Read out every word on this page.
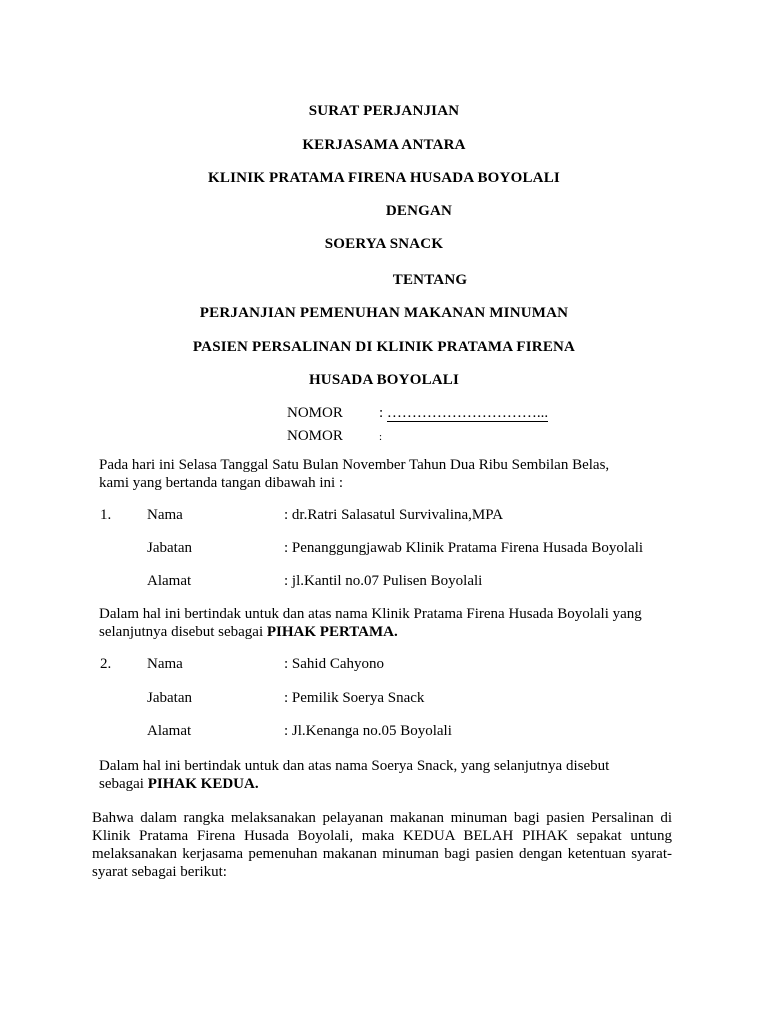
SURAT PERJANJIAN
KERJASAMA ANTARA
KLINIK PRATAMA FIRENA HUSADA BOYOLALI
DENGAN
SOERYA SNACK
TENTANG
PERJANJIAN PEMENUHAN MAKANAN MINUMAN
PASIEN PERSALINAN DI KLINIK PRATAMA FIRENA
HUSADA BOYOLALI
NOMOR : …………………………...
NOMOR	:
Pada hari ini Selasa Tanggal Satu Bulan November Tahun Dua Ribu Sembilan Belas,
kami yang bertanda tangan dibawah ini :
1. Nama	: dr.Ratri Salasatul Survivalina,MPA
Jabatan	: Penanggungjawab Klinik Pratama Firena Husada Boyolali
Alamat	: jl.Kantil no.07 Pulisen Boyolali
Dalam hal ini bertindak untuk dan atas nama Klinik Pratama Firena Husada Boyolali yang
selanjutnya disebut sebagai PIHAK PERTAMA.
2. Nama	: Sahid Cahyono
Jabatan	: Pemilik Soerya Snack
Alamat	: Jl.Kenanga no.05 Boyolali
Dalam hal ini bertindak untuk dan atas nama Soerya Snack, yang selanjutnya disebut
sebagai PIHAK KEDUA.
Bahwa dalam rangka melaksanakan pelayanan makanan minuman bagi pasien Persalinan di Klinik Pratama Firena Husada Boyolali, maka KEDUA BELAH PIHAK sepakat untung melaksanakan kerjasama pemenuhan makanan minuman bagi pasien dengan ketentuan syarat-syarat sebagai berikut:
